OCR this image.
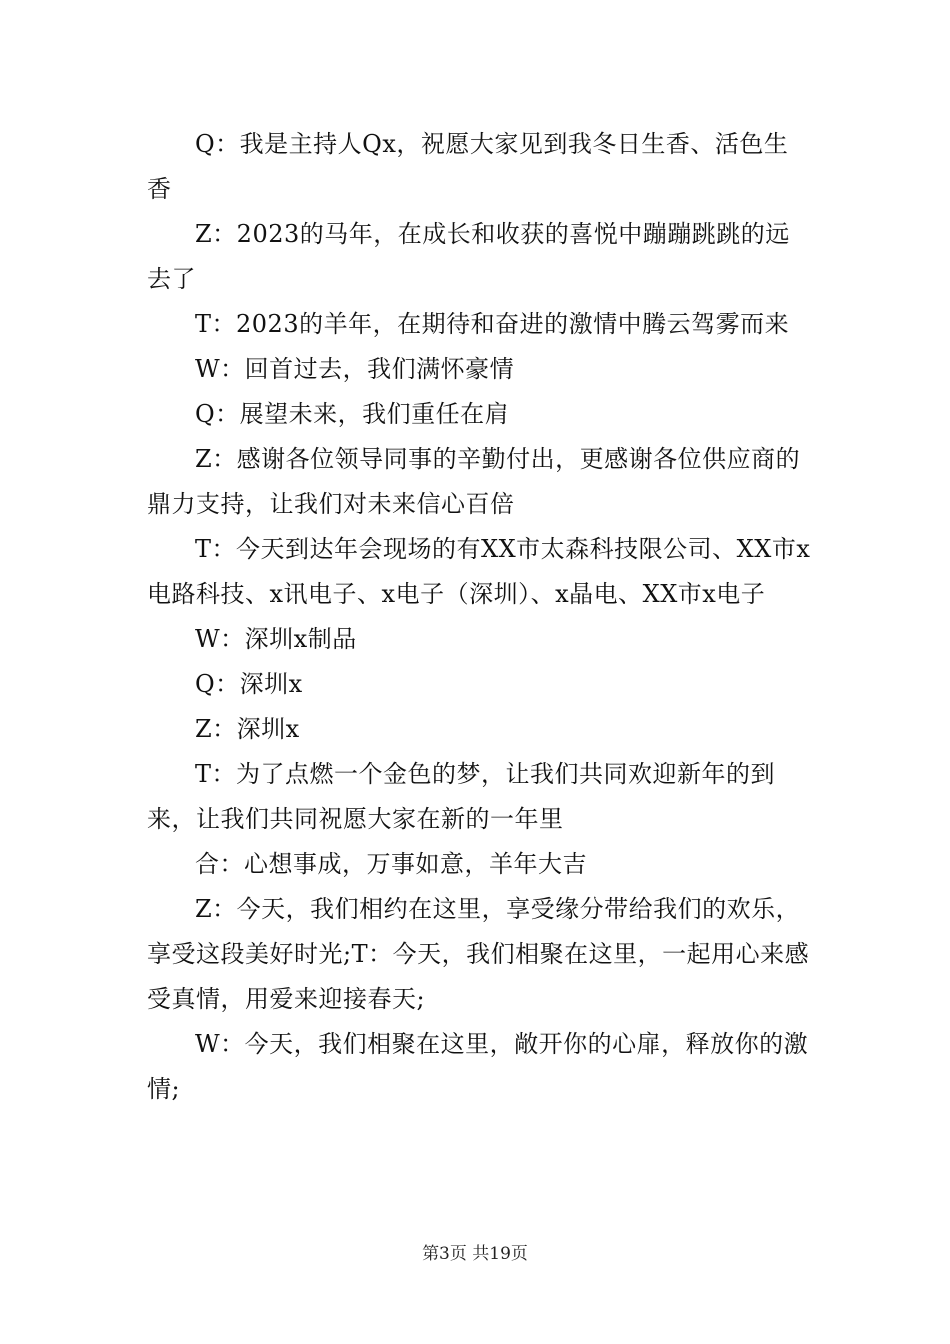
Q：我是主持人Qx，祝愿大家见到我冬日生香、活色生香

Z：2023的马年，在成长和收获的喜悦中蹦蹦跳跳的远去了

T：2023的羊年，在期待和奋进的激情中腾云驾雾而来

W：回首过去，我们满怀豪情

Q：展望未来，我们重任在肩

Z：感谢各位领导同事的辛勤付出，更感谢各位供应商的鼎力支持，让我们对未来信心百倍

T：今天到达年会现场的有XX市太森科技限公司、XX市x电路科技、x讯电子、x电子（深圳）、x晶电、XX市x电子

W：深圳x制品

Q：深圳x

Z：深圳x

T：为了点燃一个金色的梦，让我们共同欢迎新年的到来，让我们共同祝愿大家在新的一年里

合：心想事成，万事如意，羊年大吉

Z：今天，我们相约在这里，享受缘分带给我们的欢乐，享受这段美好时光;T：今天，我们相聚在这里，一起用心来感受真情，用爱来迎接春天;

W：今天，我们相聚在这里，敞开你的心扉，释放你的激情;

第3页 共19页
